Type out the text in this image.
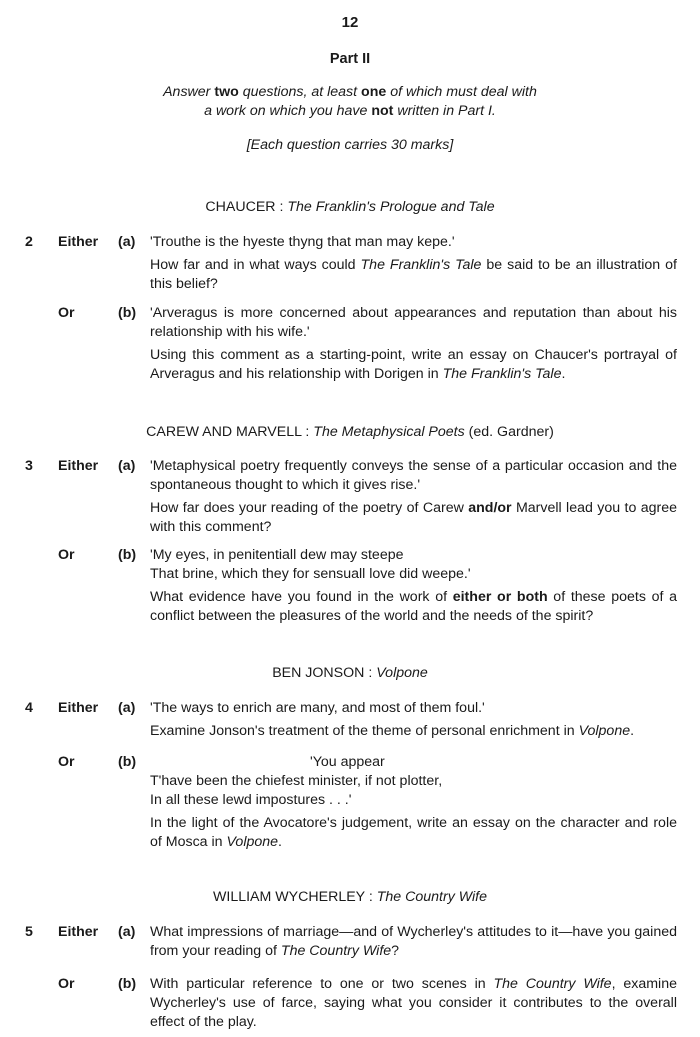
12
Part II
Answer two questions, at least one of which must deal with
a work on which you have not written in Part I.
[Each question carries 30 marks]
CHAUCER : The Franklin's Prologue and Tale
2 Either (a) 'Trouthe is the hyeste thyng that man may kepe.'

How far and in what ways could The Franklin's Tale be said to be an illustration of this belief?

Or	(b) 'Arveragus is more concerned about appearances and reputation than about his relationship with his wife.'

Using this comment as a starting-point, write an essay on Chaucer's portrayal of Arveragus and his relationship with Dorigen in The Franklin's Tale.

CAREW AND MARVELL : The Metaphysical Poets (ed. Gardner)
3 Either (a) 'Metaphysical poetry frequently conveys the sense of a particular occasion and the spontaneous thought to which it gives rise.'

How far does your reading of the poetry of Carew and/or Marvell lead you to agree with this comment?

Or	(b) 'My eyes, in penitentiall dew may steepe

That brine, which they for sensuall love did weepe.'

What evidence have you found in the work of either or both of these poets of a conflict between the pleasures of the world and the needs of the spirit?

BEN JONSON : Volpone
4 Either (a) 'The ways to enrich are many, and most of them foul.'

Examine Jonson's treatment of the theme of personal enrichment in Volpone.

Or	(b)	'You appear

T'have been the chiefest minister, if not plotter,

In all these lewd impostures . . .'

In the light of the Avocatore's judgement, write an essay on the character and role of Mosca in Volpone.

WILLIAM WYCHERLEY : The Country Wife
5 Either (a) What impressions of marriage—and of Wycherley's attitudes to it—have you gained from your reading of The Country Wife?

Or	(b) With particular reference to one or two scenes in The Country Wife, examine Wycherley's use of farce, saying what you consider it contributes to the overall effect of the play.
